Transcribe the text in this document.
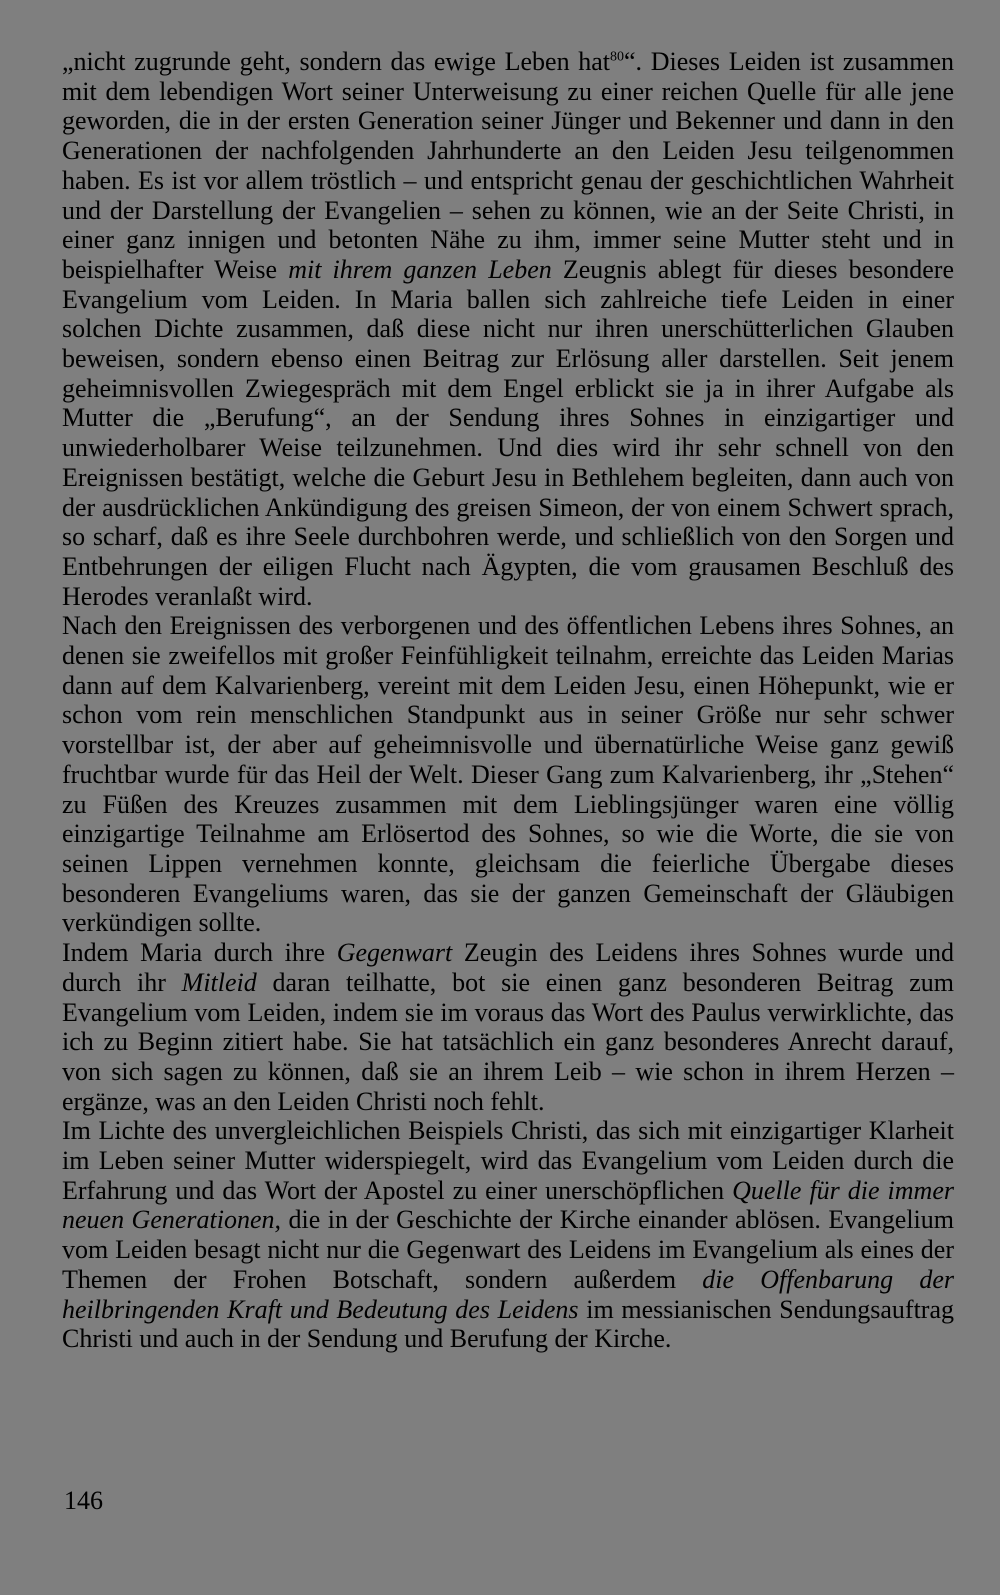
„nicht zugrunde geht, sondern das ewige Leben hat$^{80}$“. Dieses Leiden ist zusammen mit dem lebendigen Wort seiner Unterweisung zu einer reichen Quelle für alle jene geworden, die in der ersten Generation seiner Jünger und Bekenner und dann in den Generationen der nachfolgenden Jahrhunderte an den Leiden Jesu teilgenommen haben. Es ist vor allem tröstlich – und entspricht genau der geschichtlichen Wahrheit und der Darstellung der Evangelien – sehen zu können, wie an der Seite Christi, in einer ganz innigen und betonten Nähe zu ihm, immer seine Mutter steht und in beispielhafter Weise mit ihrem ganzen Leben Zeugnis ablegt für dieses besondere Evangelium vom Leiden. In Maria ballen sich zahlreiche tiefe Leiden in einer solchen Dichte zusammen, daß diese nicht nur ihren unerschütterlichen Glauben beweisen, sondern ebenso einen Beitrag zur Erlösung aller darstellen. Seit jenem geheimnisvollen Zwiegespräch mit dem Engel erblickt sie ja in ihrer Aufgabe als Mutter die „Berufung“, an der Sendung ihres Sohnes in einzigartiger und unwiederholbarer Weise teilzunehmen. Und dies wird ihr sehr schnell von den Ereignissen bestätigt, welche die Geburt Jesu in Bethlehem begleiten, dann auch von der ausdrücklichen Ankündigung des greisen Simeon, der von einem Schwert sprach, so scharf, daß es ihre Seele durchbohren werde, und schließlich von den Sorgen und Entbehrungen der eiligen Flucht nach Ägypten, die vom grausamen Beschluß des Herodes veranlaßt wird.

Nach den Ereignissen des verborgenen und des öffentlichen Lebens ihres Sohnes, an denen sie zweifellos mit großer Feinfühligkeit teilnahm, erreichte das Leiden Marias dann auf dem Kalvarienberg, vereint mit dem Leiden Jesu, einen Höhepunkt, wie er schon vom rein menschlichen Standpunkt aus in seiner Größe nur sehr schwer vorstellbar ist, der aber auf geheimnisvolle und übernatürliche Weise ganz gewiß fruchtbar wurde für das Heil der Welt. Dieser Gang zum Kalvarienberg, ihr „Stehen“ zu Füßen des Kreuzes zusammen mit dem Lieblingsjünger waren eine völlig einzigartige Teilnahme am Erlösertod des Sohnes, so wie die Worte, die sie von seinen Lippen vernehmen konnte, gleichsam die feierliche Übergabe dieses besonderen Evangeliums waren, das sie der ganzen Gemeinschaft der Gläubigen verkündigen sollte.

Indem Maria durch ihre Gegenwart Zeugin des Leidens ihres Sohnes wurde und durch ihr Mitleid daran teilhatte, bot sie einen ganz besonderen Beitrag zum Evangelium vom Leiden, indem sie im voraus das Wort des Paulus verwirklichte, das ich zu Beginn zitiert habe. Sie hat tatsächlich ein ganz besonderes Anrecht darauf, von sich sagen zu können, daß sie an ihrem Leib – wie schon in ihrem Herzen – ergänze, was an den Leiden Christi noch fehlt.

Im Lichte des unvergleichlichen Beispiels Christi, das sich mit einzigartiger Klarheit im Leben seiner Mutter widerspiegelt, wird das Evangelium vom Leiden durch die Erfahrung und das Wort der Apostel zu einer unerschöpflichen Quelle für die immer neuen Generationen, die in der Geschichte der Kirche einander ablösen. Evangelium vom Leiden besagt nicht nur die Gegenwart des Leidens im Evangelium als eines der Themen der Frohen Botschaft, sondern außerdem die Offenbarung der heilbringenden Kraft und Bedeutung des Leidens im messianischen Sendungsauftrag Christi und auch in der Sendung und Berufung der Kirche.

146
